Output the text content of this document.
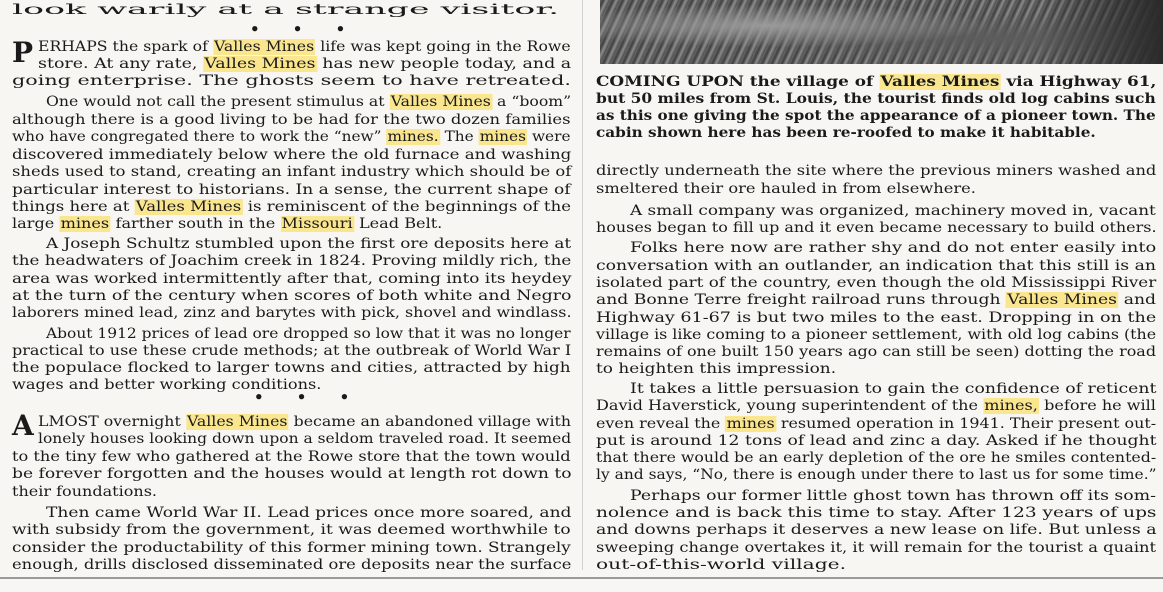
• • •
P
• • •
A
look warily at a strange visitor.
ERHAPS the spark of Valles Mines life was kept going in the Rowe
store. At any rate, Valles Mines has new people today, and a
going enterprise. The ghosts seem to have retreated.
One would not call the present stimulus at Valles Mines a “boom”
although there is a good living to be had for the two dozen families
who have congregated there to work the “new” mines. The mines were
discovered immediately below where the old furnace and washing
sheds used to stand, creating an infant industry which should be of
particular interest to historians. In a sense, the current shape of
things here at Valles Mines is reminiscent of the beginnings of the
large mines farther south in the Missouri Lead Belt.
A Joseph Schultz stumbled upon the first ore deposits here at
the headwaters of Joachim creek in 1824. Proving mildly rich, the
area was worked intermittently after that, coming into its heydey
at the turn of the century when scores of both white and Negro
laborers mined lead, zinz and barytes with pick, shovel and windlass.
About 1912 prices of lead ore dropped so low that it was no longer
practical to use these crude methods; at the outbreak of World War I
the populace flocked to larger towns and cities, attracted by high
wages and better working conditions.
LMOST overnight Valles Mines became an abandoned village with
lonely houses looking down upon a seldom traveled road. It seemed
to the tiny few who gathered at the Rowe store that the town would
be forever forgotten and the houses would at length rot down to
their foundations.
Then came World War II. Lead prices once more soared, and
with subsidy from the government, it was deemed worthwhile to
consider the productability of this former mining town. Strangely
enough, drills disclosed disseminated ore deposits near the surface
COMING UPON the village of Valles Mines via Highway 61,
but 50 miles from St. Louis, the tourist finds old log cabins such
as this one giving the spot the appearance of a pioneer town. The
cabin shown here has been re-roofed to make it habitable.
directly underneath the site where the previous miners washed and
smeltered their ore hauled in from elsewhere.
A small company was organized, machinery moved in, vacant
houses began to fill up and it even became necessary to build others.
Folks here now are rather shy and do not enter easily into
conversation with an outlander, an indication that this still is an
isolated part of the country, even though the old Mississippi River
and Bonne Terre freight railroad runs through Valles Mines and
Highway 61-67 is but two miles to the east. Dropping in on the
village is like coming to a pioneer settlement, with old log cabins (the
remains of one built 150 years ago can still be seen) dotting the road
to heighten this impression.
It takes a little persuasion to gain the confidence of reticent
David Haverstick, young superintendent of the mines, before he will
even reveal the mines resumed operation in 1941. Their present out-
put is around 12 tons of lead and zinc a day. Asked if he thought
that there would be an early depletion of the ore he smiles contented-
ly and says, “No, there is enough under there to last us for some time.”
Perhaps our former little ghost town has thrown off its som-
nolence and is back this time to stay. After 123 years of ups
and downs perhaps it deserves a new lease on life. But unless a
sweeping change overtakes it, it will remain for the tourist a quaint
out-of-this-world village.
